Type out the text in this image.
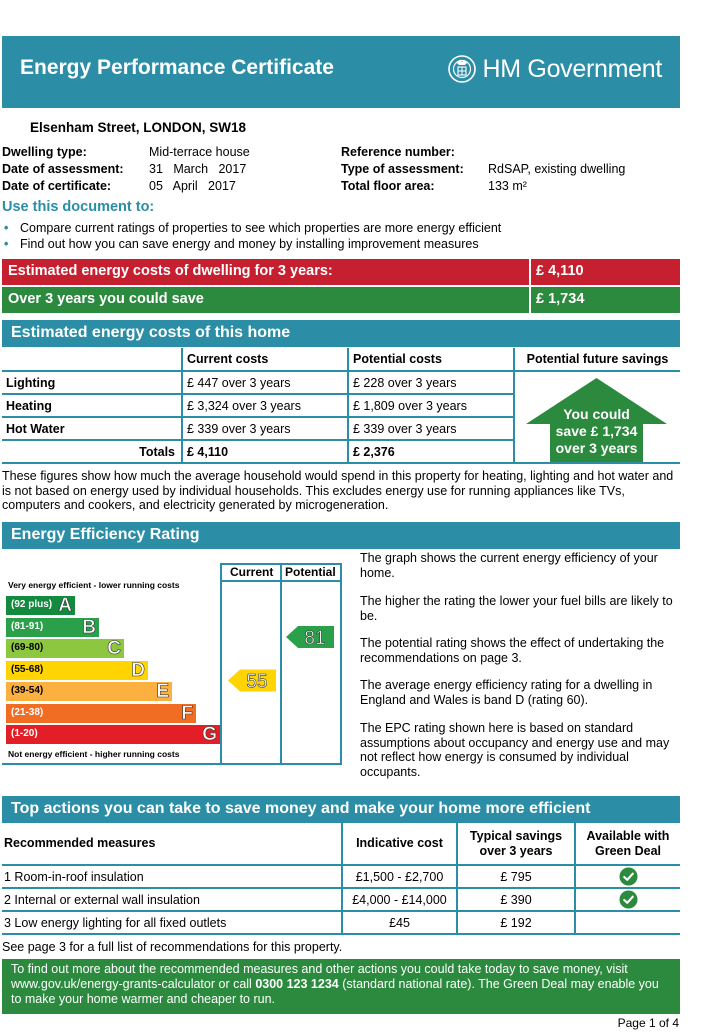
Energy Performance Certificate	HM Government
Elsenham Street, LONDON, SW18
Dwelling type:	Mid-terrace house
Date of assessment: 31   March   2017
Date of certificate:	05   April   2017
Reference number:
Type of assessment: RdSAP, existing dwelling
Total floor area:	133 m²
Use this document to:
• Compare current ratings of properties to see which properties are more energy efficient
• Find out how you can save energy and money by installing improvement measures
Estimated energy costs of dwelling for 3 years:	£ 4,110
Over 3 years you could save	£ 1,734
Estimated energy costs of this home
	Current costs	Potential costs	Potential future savings
Lighting	£ 447 over 3 years	£ 228 over 3 years	
Heating	£ 3,324 over 3 years	£ 1,809 over 3 years	
Hot Water	£ 339 over 3 years	£ 339 over 3 years	
Totals	£ 4,110	£ 2,376	
You could
save £ 1,734
over 3 years
These figures show how much the average household would spend in this property for heating, lighting and hot water and is not based on energy used by individual households. This excludes energy use for running appliances like TVs, computers and cookers, and electricity generated by microgeneration.
Energy Efficiency Rating
Current Potential
Very energy efficient - lower running costs
Not energy efficient - higher running costs
(92 plus) A
(81-91) B
(69-80)	C
(55-68)	D
(39-54)	E
(21-38)	F
(1-20)	G
55
81
The graph shows the current energy efficiency of your home.
The higher the rating the lower your fuel bills are likely to be.
The potential rating shows the effect of undertaking the recommendations on page 3.
The average energy efficiency rating for a dwelling in England and Wales is band D (rating 60).
The EPC rating shown here is based on standard assumptions about occupancy and energy use and may not reflect how energy is consumed by individual occupants.
Top actions you can take to save money and make your home more efficient
Recommended measures	Indicative cost	Typical savings over 3 years	Available with Green Deal
1 Room-in-roof insulation	£1,500 - £2,700	£ 795	
2 Internal or external wall insulation	£4,000 - £14,000	£ 390	
3 Low energy lighting for all fixed outlets	£45	£ 192	
See page 3 for a full list of recommendations for this property.
To find out more about the recommended measures and other actions you could take today to save money, visit www.gov.uk/energy-grants-calculator or call 0300 123 1234 (standard national rate). The Green Deal may enable you to make your home warmer and cheaper to run.
Page 1 of 4
